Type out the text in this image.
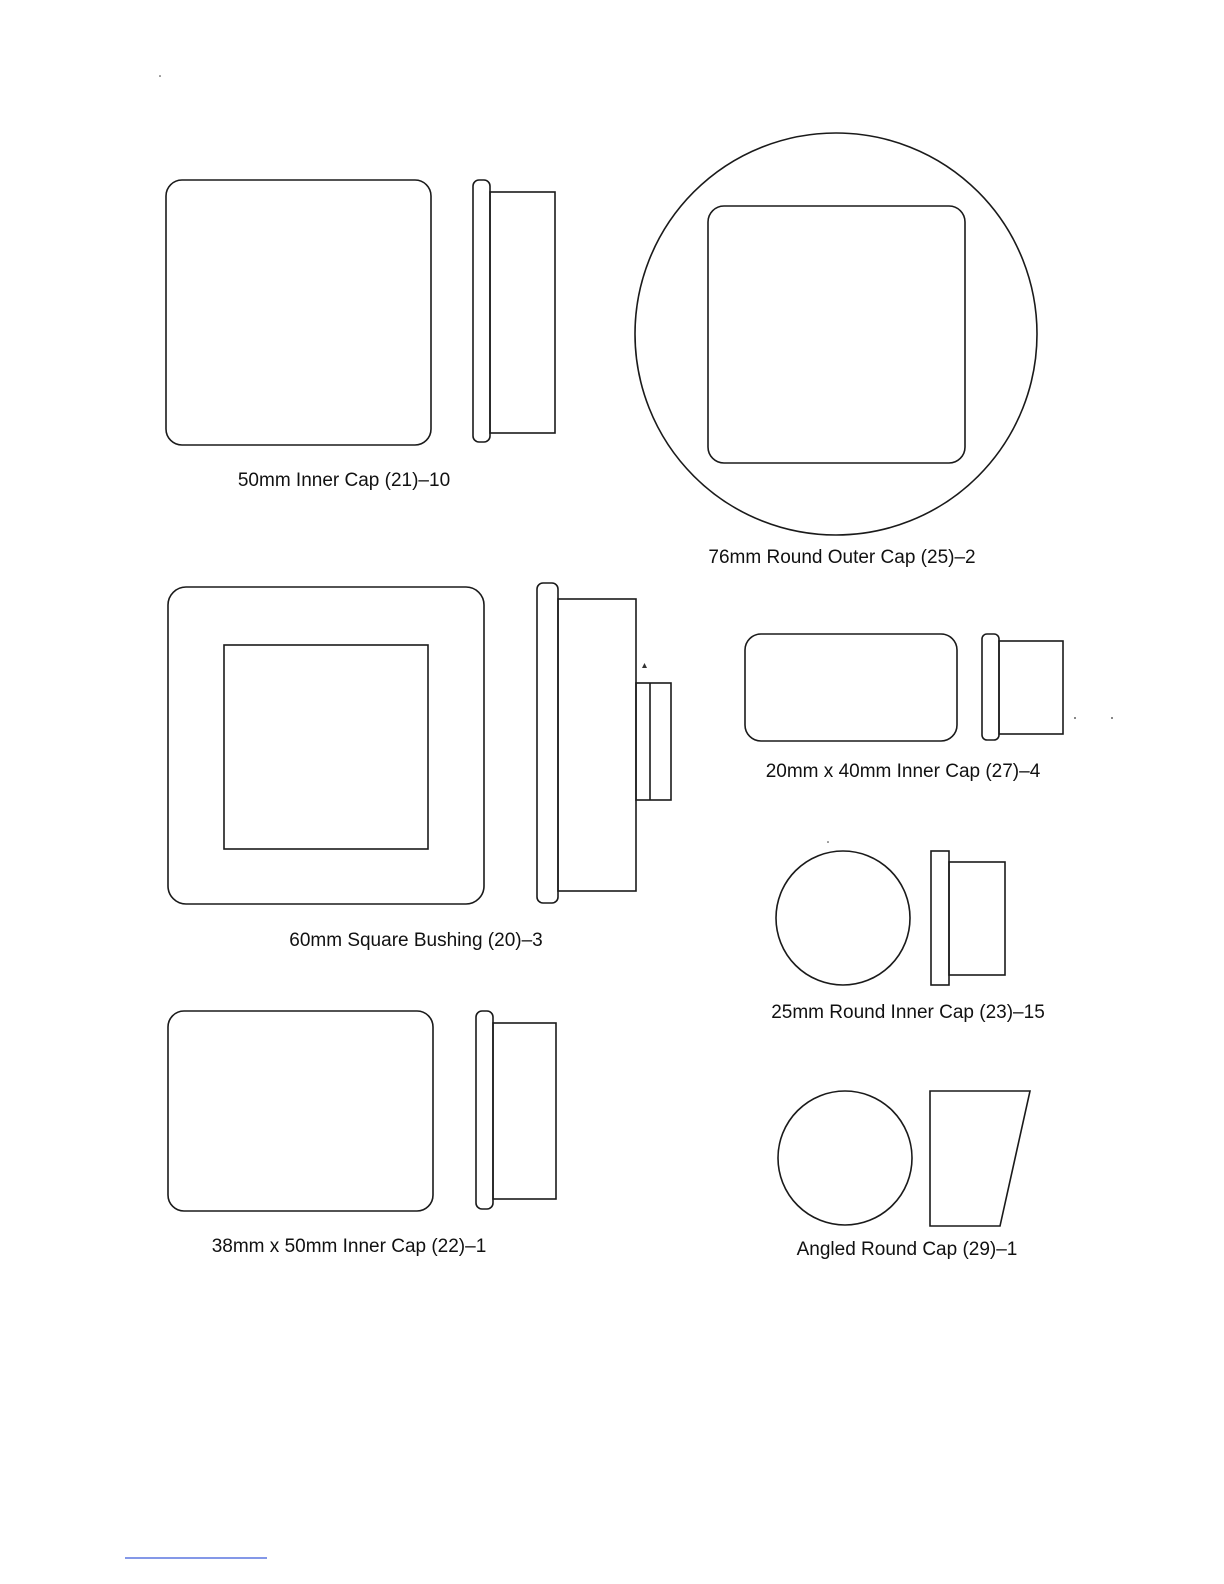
50mm Inner Cap (21)–10
76mm Round Outer Cap (25)–2
60mm Square Bushing (20)–3
20mm x 40mm Inner Cap (27)–4
25mm Round Inner Cap (23)–15
38mm x 50mm Inner Cap (22)–1	Angled Round Cap (29)–1
